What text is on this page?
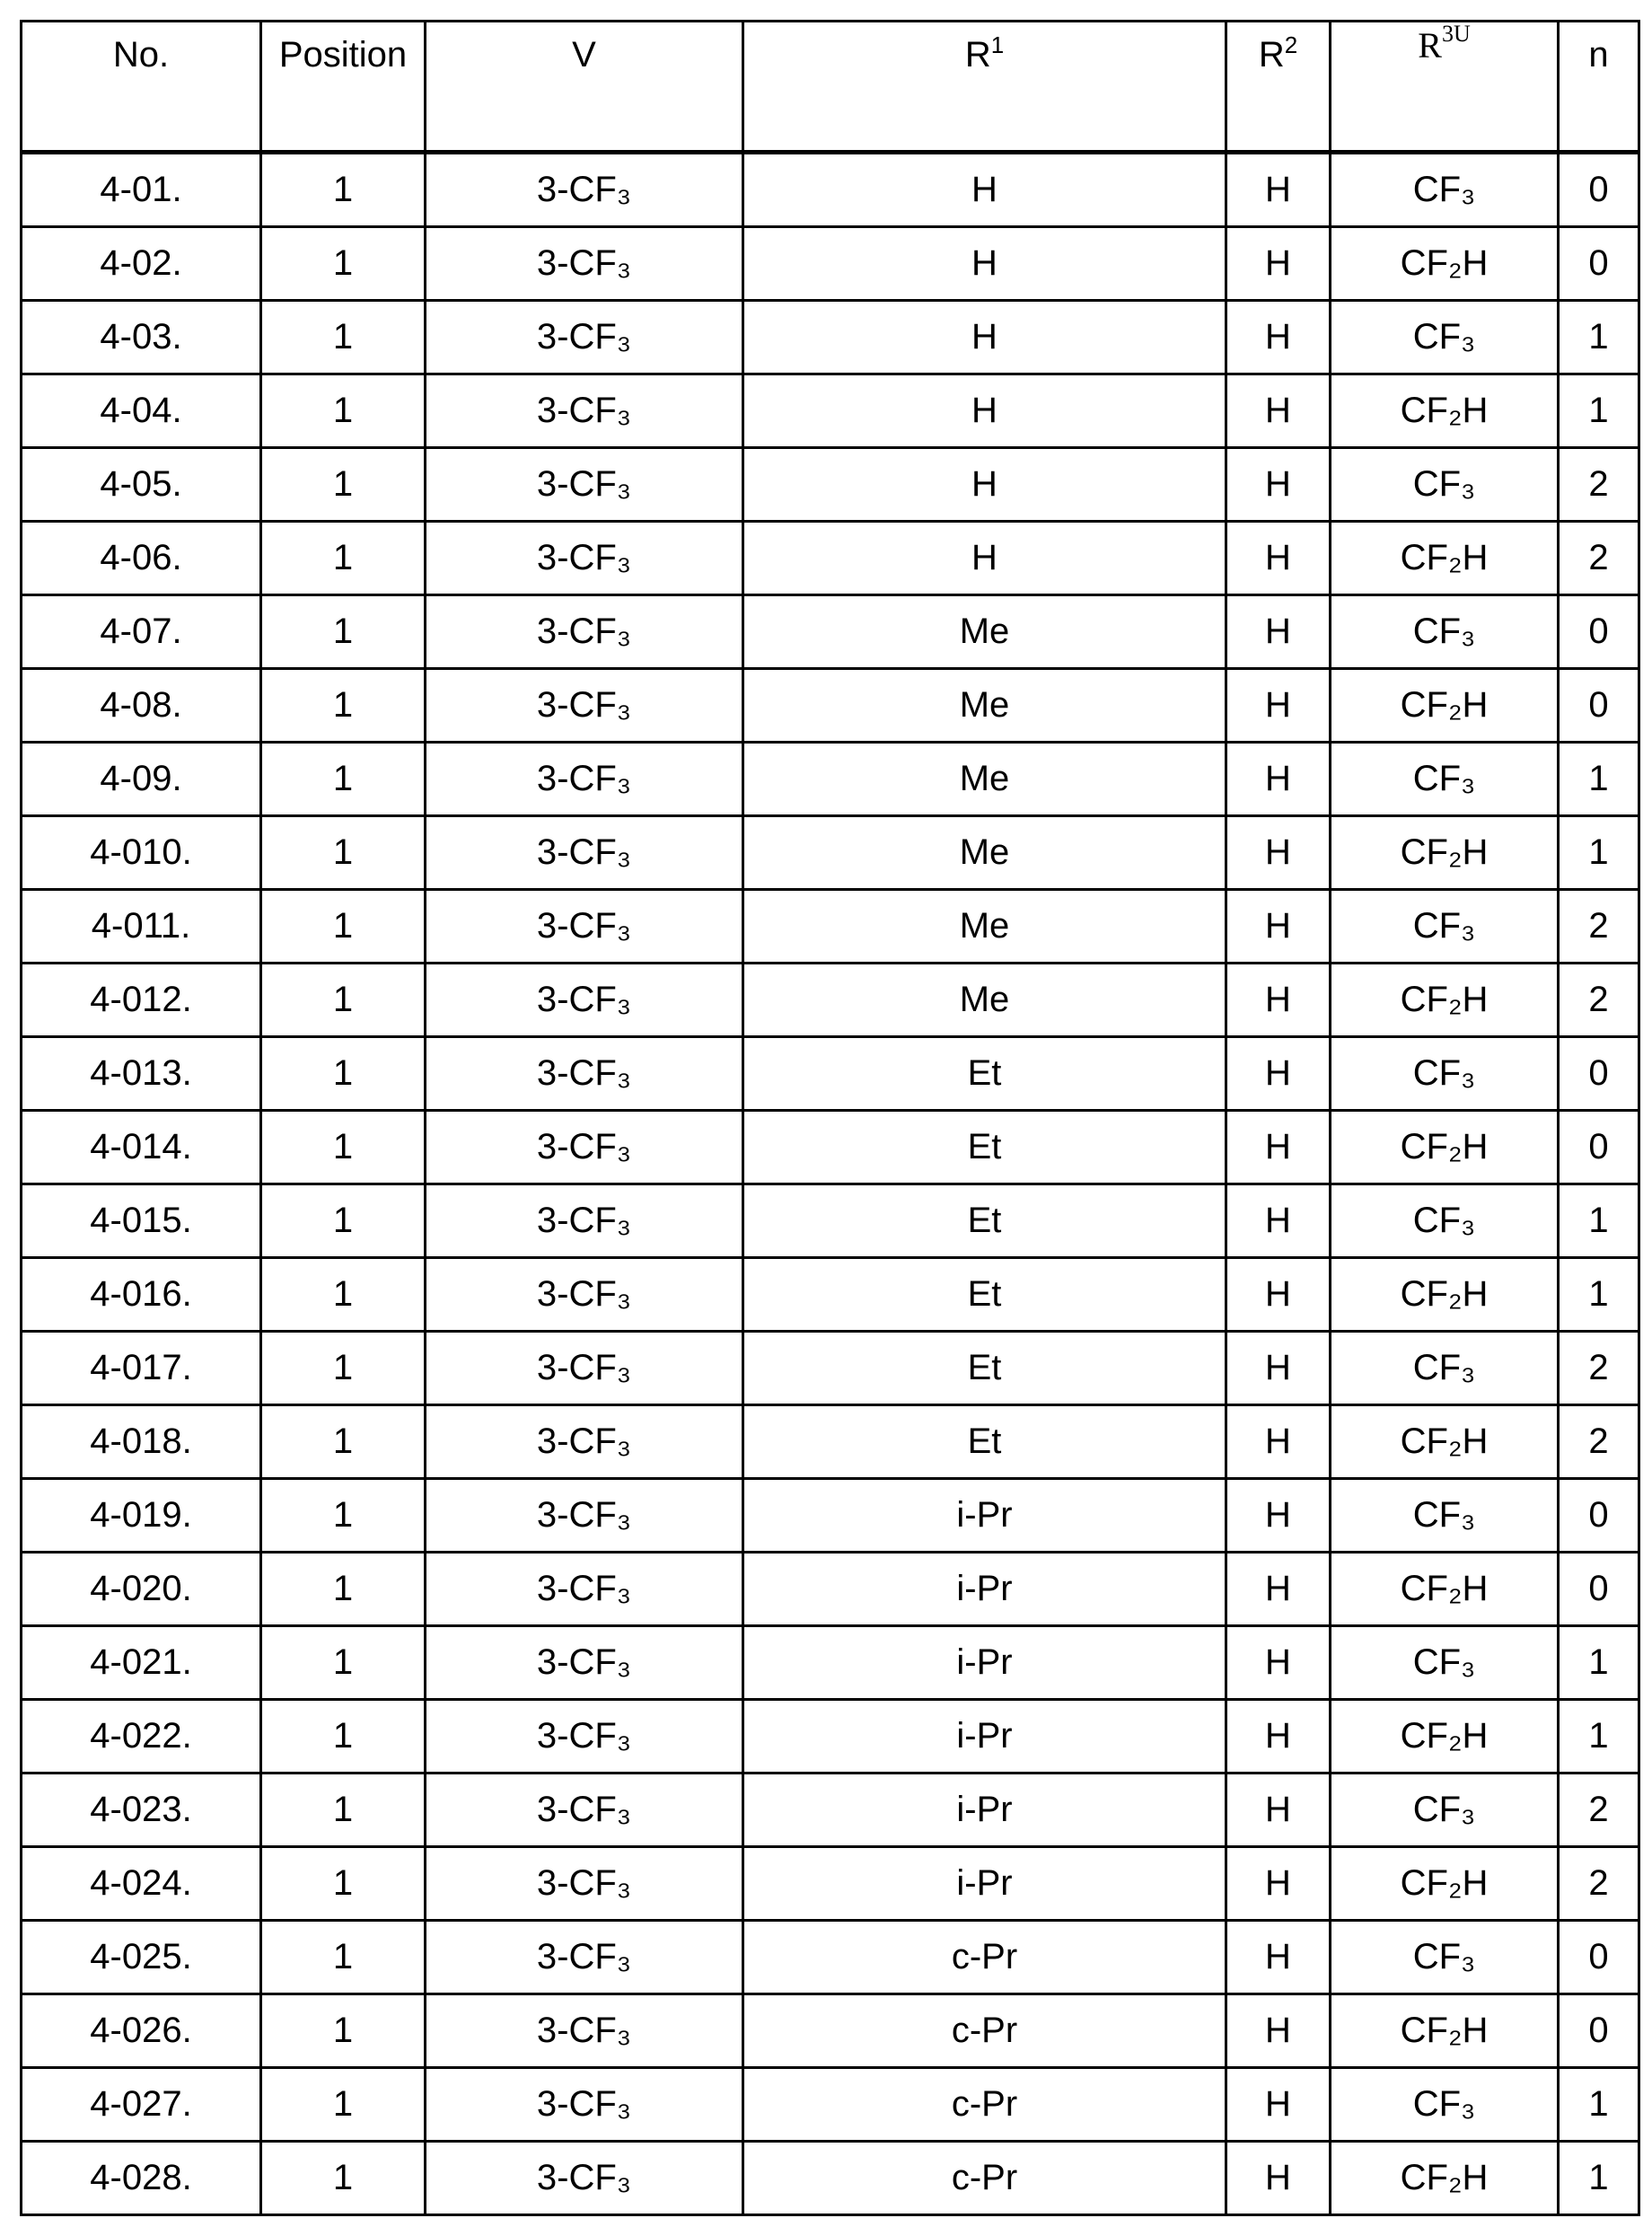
No.	Position	V	R1	R2	R3U	n
4-01.	1	3-CF₃	H	H	CF₃	0
4-02.	1	3-CF₃	H	H	CF₂H	0
4-03.	1	3-CF₃	H	H	CF₃	1
4-04.	1	3-CF₃	H	H	CF₂H	1
4-05.	1	3-CF₃	H	H	CF₃	2
4-06.	1	3-CF₃	H	H	CF₂H	2
4-07.	1	3-CF₃	Me	H	CF₃	0
4-08.	1	3-CF₃	Me	H	CF₂H	0
4-09.	1	3-CF₃	Me	H	CF₃	1
4-010.	1	3-CF₃	Me	H	CF₂H	1
4-011.	1	3-CF₃	Me	H	CF₃	2
4-012.	1	3-CF₃	Me	H	CF₂H	2
4-013.	1	3-CF₃	Et	H	CF₃	0
4-014.	1	3-CF₃	Et	H	CF₂H	0
4-015.	1	3-CF₃	Et	H	CF₃	1
4-016.	1	3-CF₃	Et	H	CF₂H	1
4-017.	1	3-CF₃	Et	H	CF₃	2
4-018.	1	3-CF₃	Et	H	CF₂H	2
4-019.	1	3-CF₃	i-Pr	H	CF₃	0
4-020.	1	3-CF₃	i-Pr	H	CF₂H	0
4-021.	1	3-CF₃	i-Pr	H	CF₃	1
4-022.	1	3-CF₃	i-Pr	H	CF₂H	1
4-023.	1	3-CF₃	i-Pr	H	CF₃	2
4-024.	1	3-CF₃	i-Pr	H	CF₂H	2
4-025.	1	3-CF₃	c-Pr	H	CF₃	0
4-026.	1	3-CF₃	c-Pr	H	CF₂H	0
4-027.	1	3-CF₃	c-Pr	H	CF₃	1
4-028.	1	3-CF₃	c-Pr	H	CF₂H	1
